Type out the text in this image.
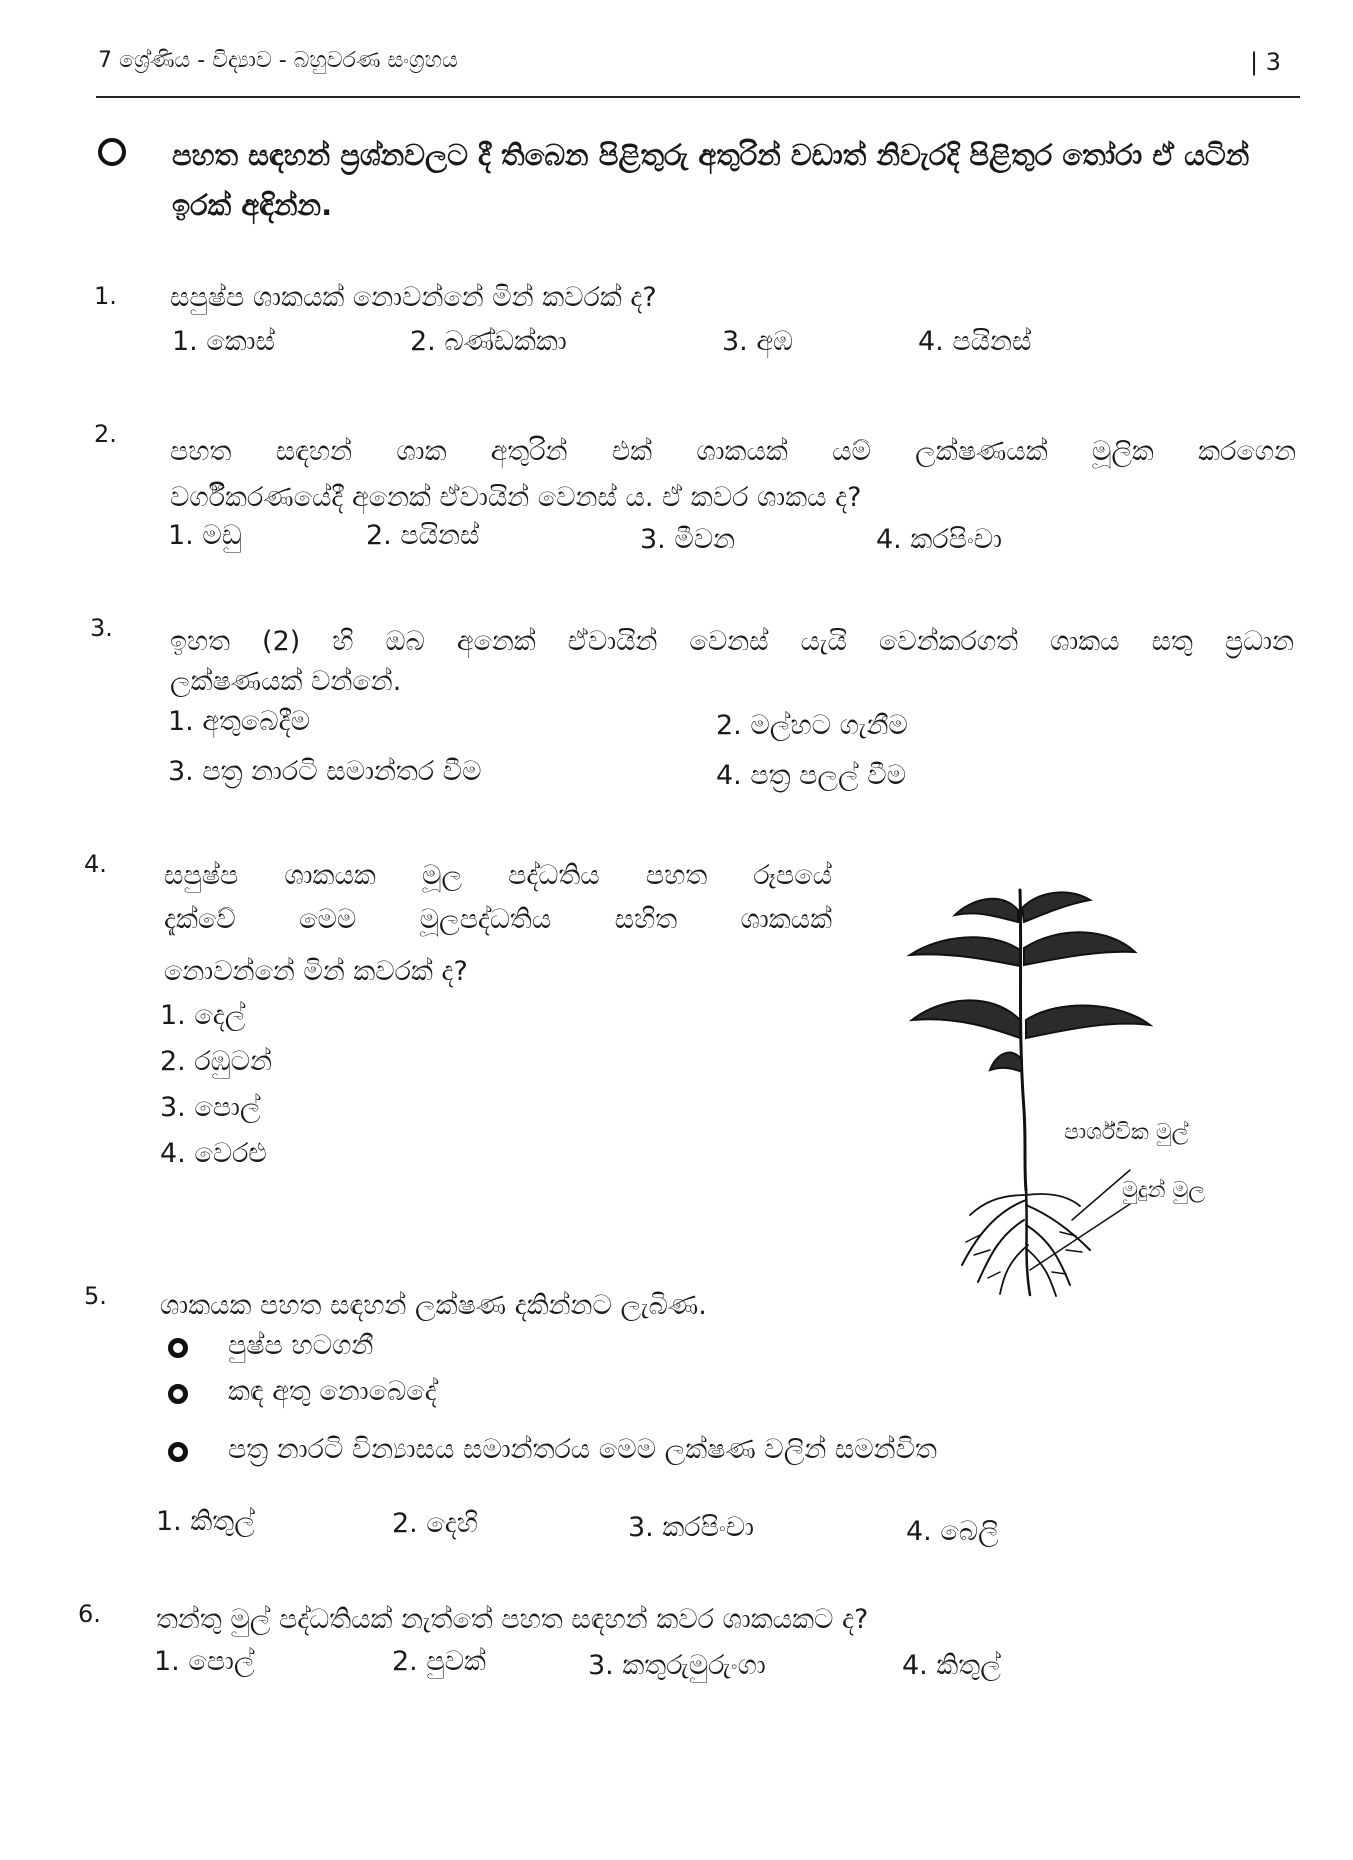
7 ශ්‍රේණිය - විද්‍යාව - බහුවරණ සංග්‍රහය	| 3
පහත සඳහන් ප්‍රශ්නවලට දී තිබෙන පිළිතුරු අතුරින් වඩාත් නිවැරදි පිළිතුර තෝරා ඒ යටින් ඉරක් අඳින්න.
1. සපුෂ්ප ශාකයක් නොවන්නේ මින් කවරක් ද?
1. කොස්	2. බණ්ඩක්කා	3. අඹ	4. පයිනස්
2.
පහත සඳහන් ශාක අතුරින් එක් ශාකයක් යම් ලක්ෂණයක් මූලික කරගෙන
වර්ගීකරණයේදී අනෙක් ඒවායින් වෙනස් ය. ඒ කවර ශාකය ද?
1. මඩු	2. පයිනස්	3. මීවන	4. කරපිංචා
3. ඉහත (2) හි ඔබ අනෙක් ඒවායින් වෙනස් යැයි වෙන්කරගත් ශාකය සතු ප්‍රධාන
ලක්ෂණයක් වන්නේ.
1. අතුබෙදීම	2. මල්හට ගැනීම
3. පත්‍ර නාරටි සමාන්තර වීම	4. පත්‍ර පලල් වීම
4. සපුෂ්ප ශාකයක මූල පද්ධතිය පහත රූපයේ
දැක්වේ මෙම මූලපද්ධතිය සහිත ශාකයක්
නොවන්නේ මින් කවරක් ද?
1. දෙල්
2. රඹුටන්
3. පොල්
4. වෙරළු
පාර්ශ්වික මුල්
මුදුන් මුල
5. ශාකයක පහත සඳහන් ලක්ෂණ දකින්නට ලැබිණ.
පුෂ්ප හටගනී
කඳ අතු නොබෙදේ
පත්‍ර නාරටි වින්‍යාසය සමාන්තරය මෙම ලක්ෂණ වලින් සමන්විත
1. කිතුල්	2. දෙහි	3. කරපිංචා	4. බෙලි
6. තන්තු මුල් පද්ධතියක් නැත්තේ පහත සඳහන් කවර ශාකයකට ද?
1. පොල්	2. පුවක්	3. කතුරුමුරුංගා	4. කිතුල්
